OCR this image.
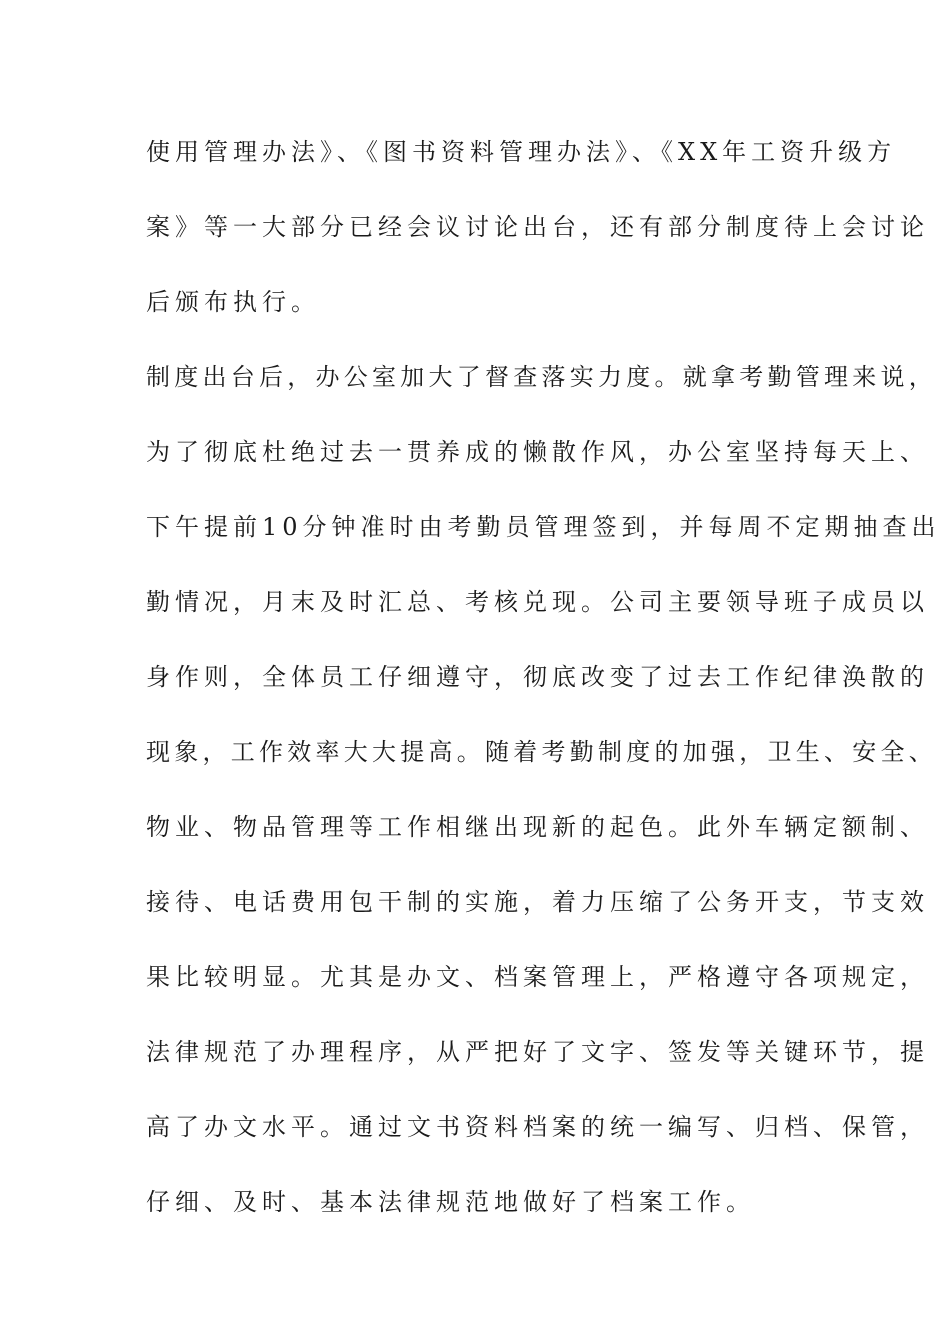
使用管理办法》、《图书资料管理办法》、《XX年工资升级方
案》等一大部分已经会议讨论出台，还有部分制度待上会讨论
后颁布执行。
制度出台后，办公室加大了督查落实力度。就拿考勤管理来说，
为了彻底杜绝过去一贯养成的懒散作风，办公室坚持每天上、
下午提前10分钟准时由考勤员管理签到，并每周不定期抽查出
勤情况，月末及时汇总、考核兑现。公司主要领导班子成员以
身作则，全体员工仔细遵守，彻底改变了过去工作纪律涣散的
现象，工作效率大大提高。随着考勤制度的加强，卫生、安全、
物业、物品管理等工作相继出现新的起色。此外车辆定额制、
接待、电话费用包干制的实施，着力压缩了公务开支，节支效
果比较明显。尤其是办文、档案管理上，严格遵守各项规定，
法律规范了办理程序，从严把好了文字、签发等关键环节，提
高了办文水平。通过文书资料档案的统一编写、归档、保管，
仔细、及时、基本法律规范地做好了档案工作。
